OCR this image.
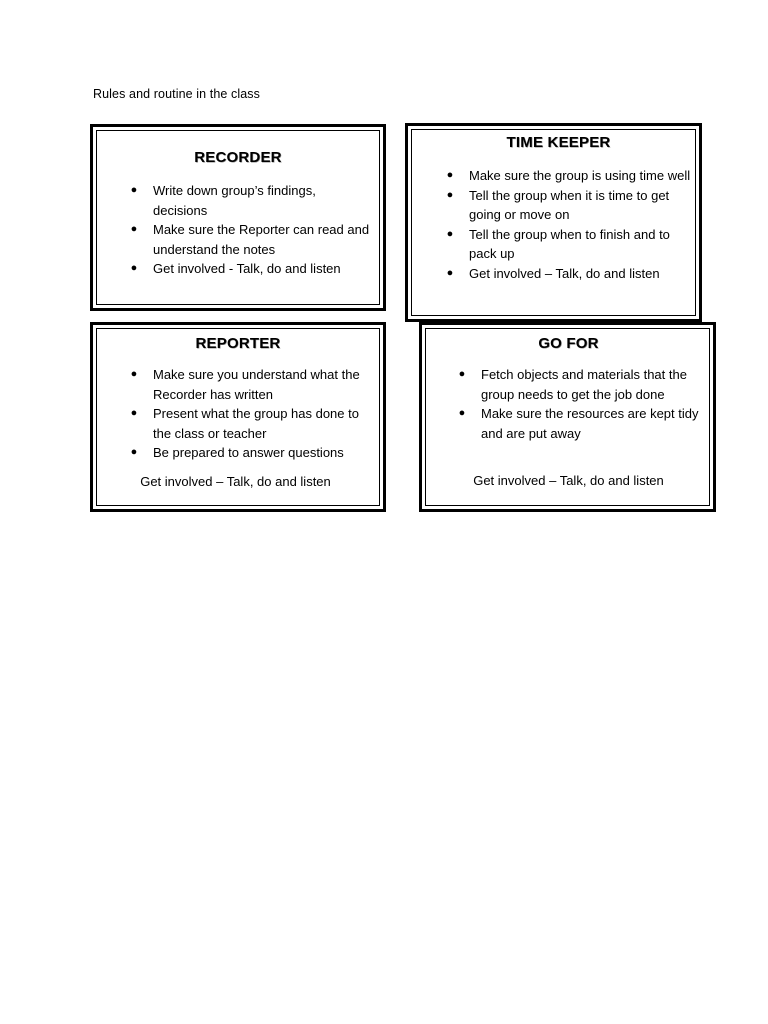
Rules and routine in the class
RECORDER
● Write down group’s findings, decisions
● Make sure the Reporter can read and understand the notes
● Get involved - Talk, do and listen
TIME KEEPER
● Make sure the group is using time well
● Tell the group when it is time to get going or move on
● Tell the group when to finish and to pack up
● Get involved – Talk, do and listen
REPORTER
● Make sure you understand what the Recorder has written
● Present what the group has done to the class or teacher
● Be prepared to answer questions
Get involved – Talk, do and listen
GO FOR
● Fetch objects and materials that the group needs to get the job done
● Make sure the resources are kept tidy and are put away
Get involved – Talk, do and listen
